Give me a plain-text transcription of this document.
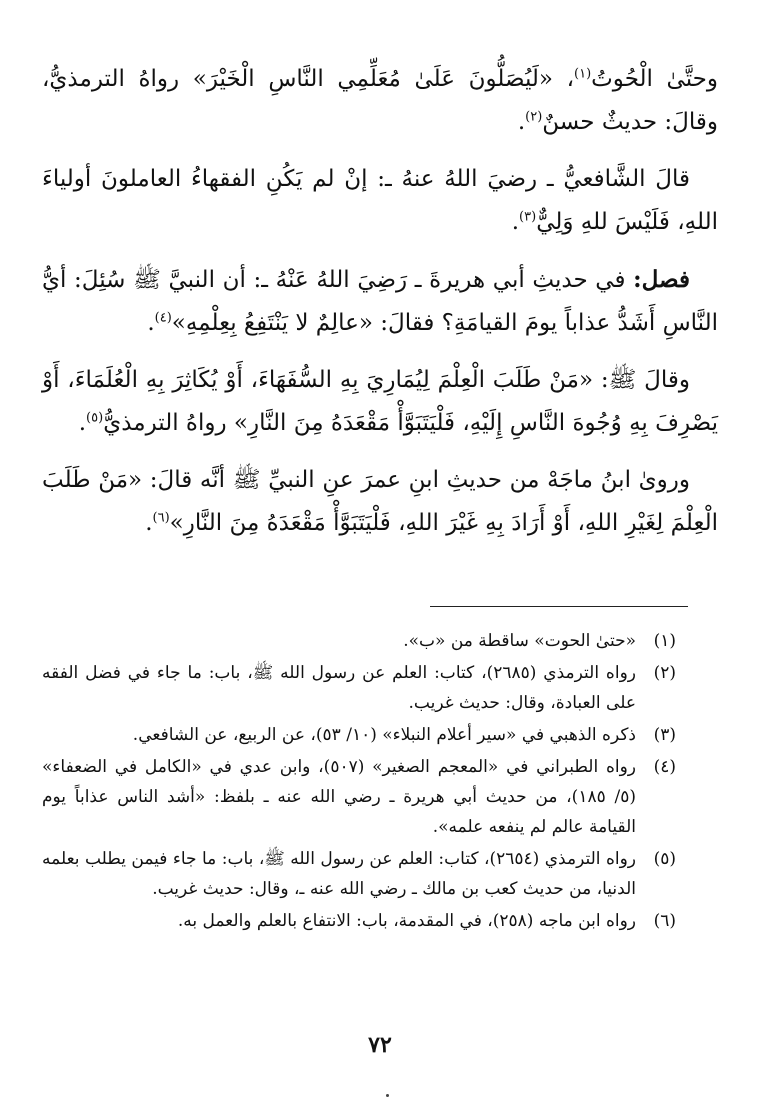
وحتَّىٰ الْحُوتُ$^{(١)}$، «لَيُصَلُّونَ عَلَىٰ مُعَلِّمِي النَّاسِ الْخَيْرَ» رواهُ الترمذيُّ، وقالَ: حديثٌ حسنٌ$^{(٢)}$.

قالَ الشَّافعيُّ ـ رضيَ اللهُ عنهُ ـ: إنْ لم يَكُنِ الفقهاءُ العاملونَ أولياءَ اللهِ، فَلَيْسَ للهِ وَلِيٌّ$^{(٣)}$.

فصل: في حديثِ أبي هريرةَ ـ رَضِيَ اللهُ عَنْهُ ـ: أن النبيَّ ﷺ سُئِلَ: أيُّ النَّاسِ أَشَدُّ عذاباً يومَ القيامَةِ؟ فقالَ: «عالِمٌ لا يَنْتَفِعُ بِعِلْمِهِ»$^{(٤)}$.

وقالَ ﷺ: «مَنْ طَلَبَ الْعِلْمَ لِيُمَارِيَ بِهِ السُّفَهَاءَ، أَوْ يُكَاثِرَ بِهِ الْعُلَمَاءَ، أَوْ يَصْرِفَ بِهِ وُجُوهَ النَّاسِ إِلَيْهِ، فَلْيَتَبَوَّأْ مَقْعَدَهُ مِنَ النَّارِ» رواهُ الترمذيُّ$^{(٥)}$.

وروىٰ ابنُ ماجَهْ من حديثِ ابنِ عمرَ عنِ النبيِّ ﷺ أنَّه قالَ: «مَنْ طَلَبَ الْعِلْمَ لِغَيْرِ اللهِ، أَوْ أَرَادَ بِهِ غَيْرَ اللهِ، فَلْيَتَبَوَّأْ مَقْعَدَهُ مِنَ النَّارِ»$^{(٦)}$.

(١)
«حتىٰ الحوت» ساقطة من «ب».
(٢)
رواه الترمذي (٢٦٨٥)، كتاب: العلم عن رسول الله ﷺ، باب: ما جاء في فضل الفقه على العبادة، وقال: حديث غريب.
(٣)
ذكره الذهبي في «سير أعلام النبلاء» (١٠/ ٥٣)، عن الربيع، عن الشافعي.
(٤)
رواه الطبراني في «المعجم الصغير» (٥٠٧)، وابن عدي في «الكامل في الضعفاء» (٥/ ١٨٥)، من حديث أبي هريرة ـ رضي الله عنه ـ بلفظ: «أشد الناس عذاباً يوم القيامة عالم لم ينفعه علمه».
(٥)
رواه الترمذي (٢٦٥٤)، كتاب: العلم عن رسول الله ﷺ، باب: ما جاء فيمن يطلب بعلمه الدنيا، من حديث كعب بن مالك ـ رضي الله عنه ـ، وقال: حديث غريب.
(٦)
رواه ابن ماجه (٢٥٨)، في المقدمة، باب: الانتفاع بالعلم والعمل به.
٧٢
